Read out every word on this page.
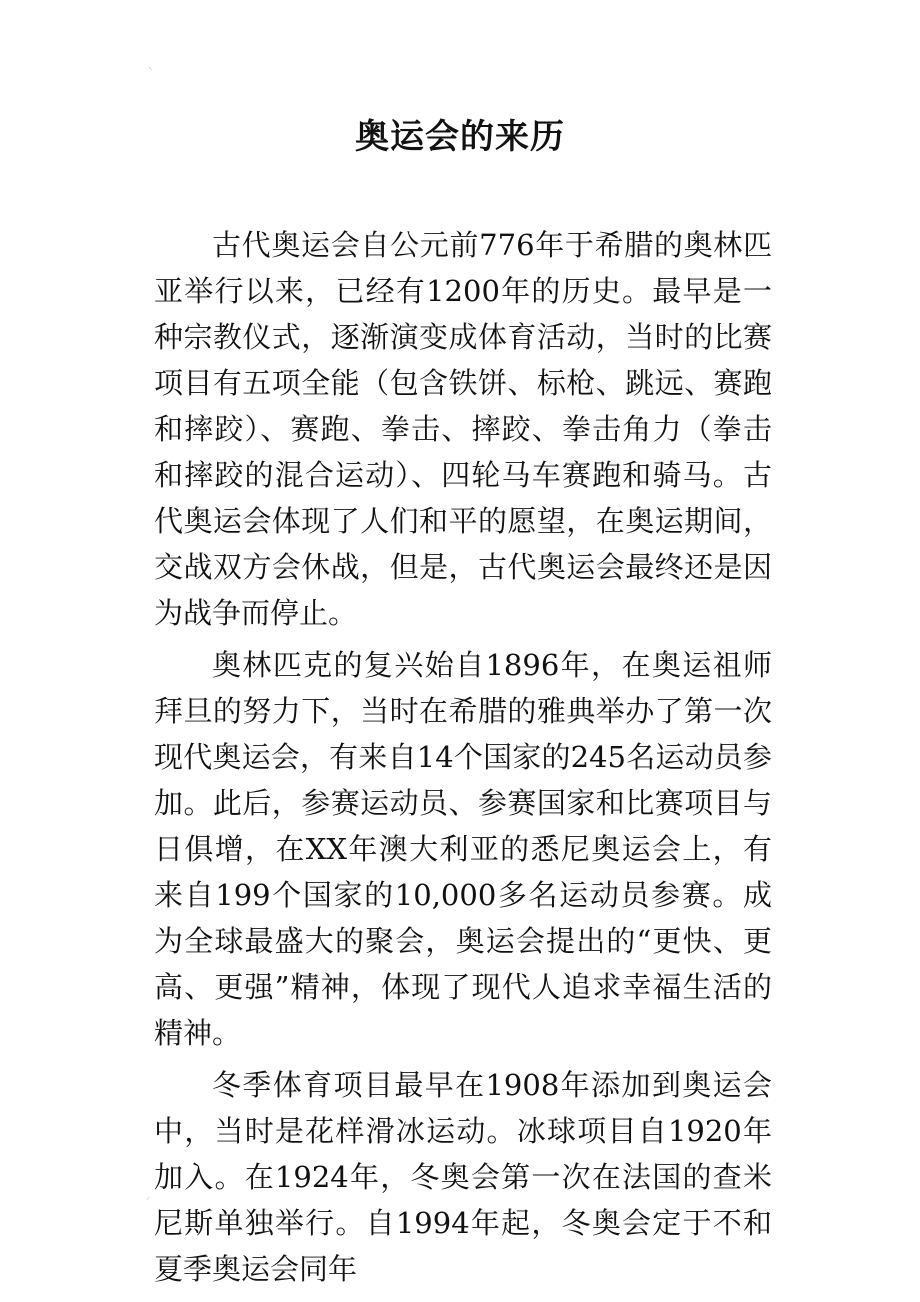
⸌
奥运会的来历

古代奥运会自公元前776年于希腊的奥林匹亚举行以来，已经有1200年的历史。最早是一种宗教仪式，逐渐演变成体育活动，当时的比赛项目有五项全能（包含铁饼、标枪、跳远、赛跑和摔跤）、赛跑、拳击、摔跤、拳击角力（拳击和摔跤的混合运动）、四轮马车赛跑和骑马。古代奥运会体现了人们和平的愿望，在奥运期间，交战双方会休战，但是，古代奥运会最终还是因为战争而停止。

奥林匹克的复兴始自1896年，在奥运祖师拜旦的努力下，当时在希腊的雅典举办了第一次现代奥运会，有来自14个国家的245名运动员参加。此后，参赛运动员、参赛国家和比赛项目与日俱增，在XX年澳大利亚的悉尼奥运会上，有来自199个国家的10,000多名运动员参赛。成为全球最盛大的聚会，奥运会提出的“更快、更高、更强”精神，体现了现代人追求幸福生活的精神。

冬季体育项目最早在1908年添加到奥运会中，当时是花样滑冰运动。冰球项目自1920年加入。在1924年，冬奥会第一次在法国的查米尼斯单独举行。自1994年起，冬奥会定于不和夏季奥运会同年

⸍
